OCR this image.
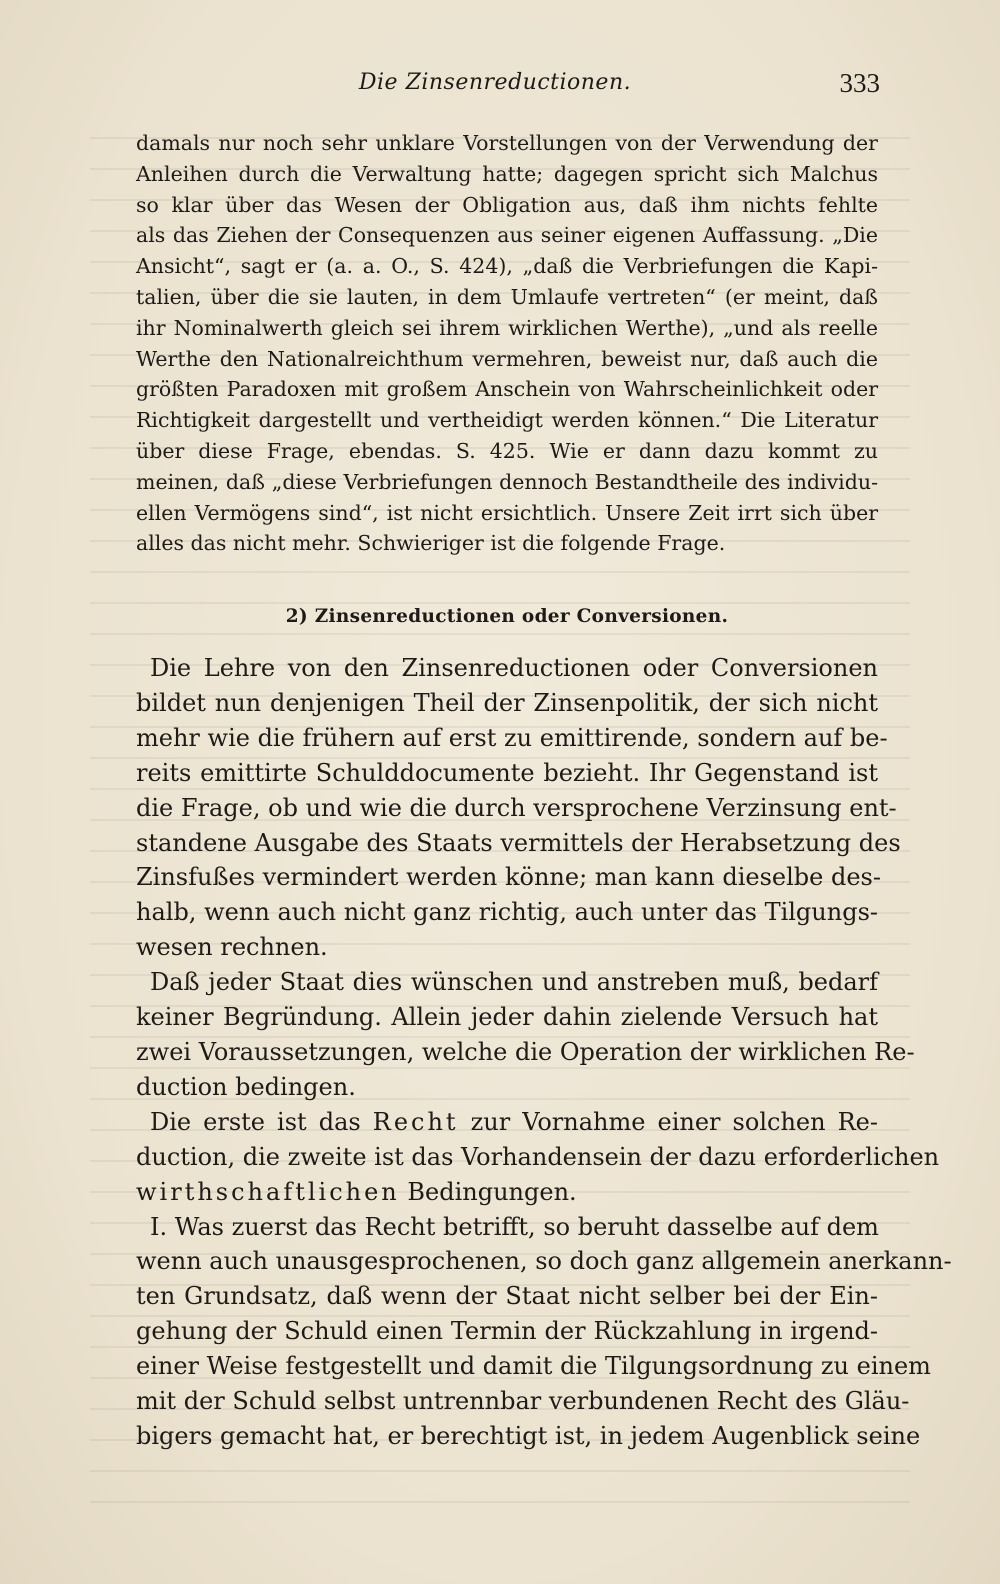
Die Zinsenreductionen.	333
damals nur noch sehr unklare Vorstellungen von der Verwendung der
Anleihen durch die Verwaltung hatte; dagegen spricht sich Malchus
so klar über das Wesen der Obligation aus, daß ihm nichts fehlte
als das Ziehen der Consequenzen aus seiner eigenen Auffassung. „Die
Ansicht“, sagt er (a. a. O., S. 424), „daß die Verbriefungen die Kapi-
talien, über die sie lauten, in dem Umlaufe vertreten“ (er meint, daß
ihr Nominalwerth gleich sei ihrem wirklichen Werthe), „und als reelle
Werthe den Nationalreichthum vermehren, beweist nur, daß auch die
größten Paradoxen mit großem Anschein von Wahrscheinlichkeit oder
Richtigkeit dargestellt und vertheidigt werden können.“ Die Literatur
über diese Frage, ebendas. S. 425. Wie er dann dazu kommt zu
meinen, daß „diese Verbriefungen dennoch Bestandtheile des individu-
ellen Vermögens sind“, ist nicht ersichtlich. Unsere Zeit irrt sich über
alles das nicht mehr. Schwieriger ist die folgende Frage.
2) Zinsenreductionen oder Conversionen.
Die Lehre von den Zinsenreductionen oder Conversionen
bildet nun denjenigen Theil der Zinsenpolitik, der sich nicht
mehr wie die frühern auf erst zu emittirende, sondern auf be-
reits emittirte Schulddocumente bezieht. Ihr Gegenstand ist
die Frage, ob und wie die durch versprochene Verzinsung ent-
standene Ausgabe des Staats vermittels der Herabsetzung des
Zinsfußes vermindert werden könne; man kann dieselbe des-
halb, wenn auch nicht ganz richtig, auch unter das Tilgungs-
wesen rechnen.
Daß jeder Staat dies wünschen und anstreben muß, bedarf
keiner Begründung. Allein jeder dahin zielende Versuch hat
zwei Voraussetzungen, welche die Operation der wirklichen Re-
duction bedingen.
Die erste ist das Recht zur Vornahme einer solchen Re-
duction, die zweite ist das Vorhandensein der dazu erforderlichen
wirthschaftlichen Bedingungen.
I. Was zuerst das Recht betrifft, so beruht dasselbe auf dem
wenn auch unausgesprochenen, so doch ganz allgemein anerkann-
ten Grundsatz, daß wenn der Staat nicht selber bei der Ein-
gehung der Schuld einen Termin der Rückzahlung in irgend-
einer Weise festgestellt und damit die Tilgungsordnung zu einem
mit der Schuld selbst untrennbar verbundenen Recht des Gläu-
bigers gemacht hat, er berechtigt ist, in jedem Augenblick seine
